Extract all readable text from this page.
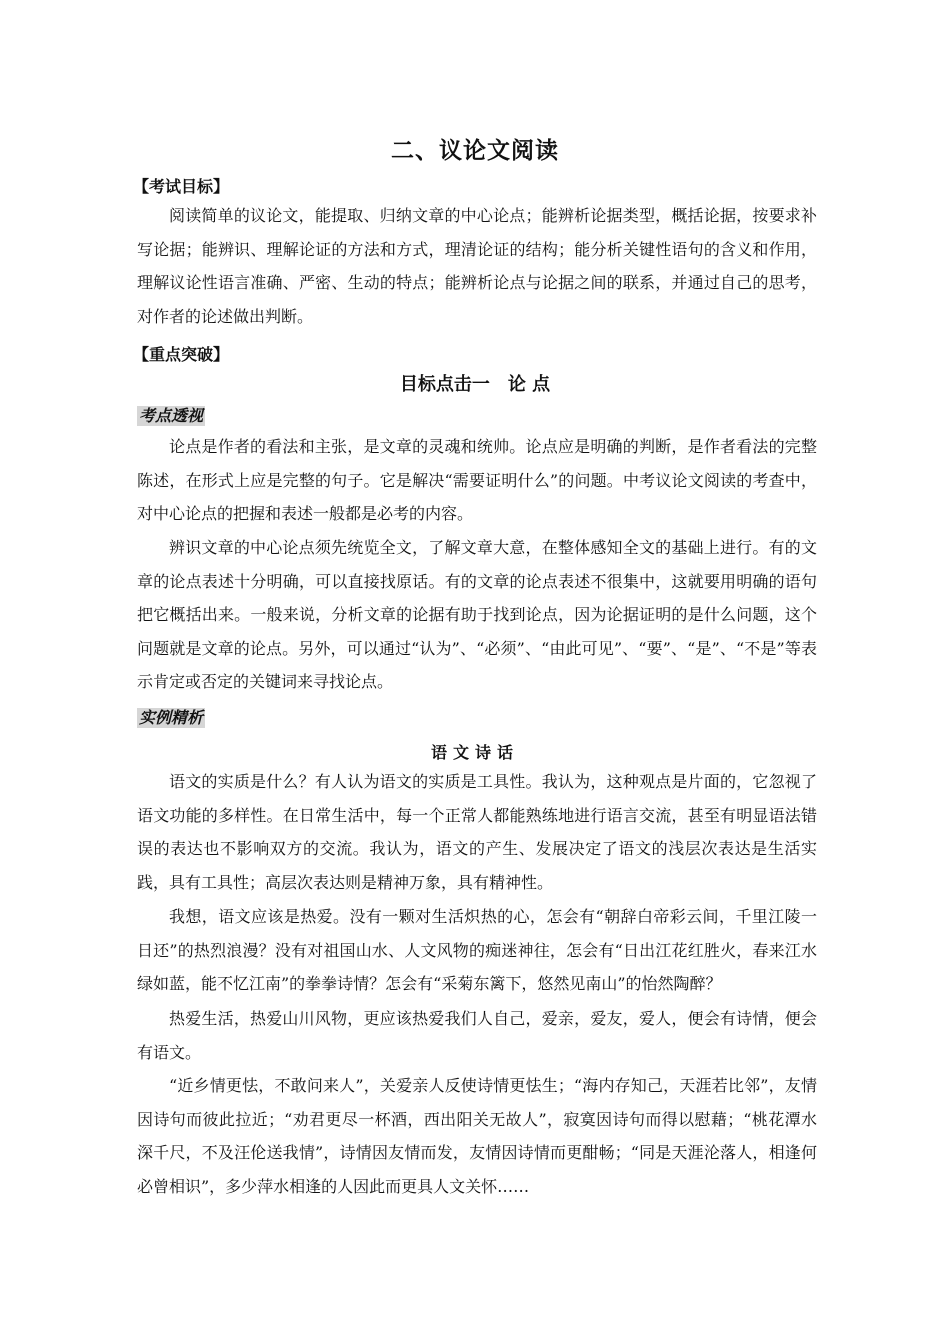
二、议论文阅读
【考试目标】

阅读简单的议论文，能提取、归纳文章的中心论点；能辨析论据类型，概括论据，按要求补写论据；能辨识、理解论证的方法和方式，理清论证的结构；能分析关键性语句的含义和作用，理解议论性语言准确、严密、生动的特点；能辨析论点与论据之间的联系，并通过自己的思考，对作者的论述做出判断。

【重点突破】
目标点击一　论 点
考点透视

论点是作者的看法和主张，是文章的灵魂和统帅。论点应是明确的判断，是作者看法的完整陈述，在形式上应是完整的句子。它是解决“需要证明什么”的问题。中考议论文阅读的考查中，对中心论点的把握和表述一般都是必考的内容。

辨识文章的中心论点须先统览全文，了解文章大意，在整体感知全文的基础上进行。有的文章的论点表述十分明确，可以直接找原话。有的文章的论点表述不很集中，这就要用明确的语句把它概括出来。一般来说，分析文章的论据有助于找到论点，因为论据证明的是什么问题，这个问题就是文章的论点。另外，可以通过“认为”、“必须”、“由此可见”、“要”、“是”、“不是”等表示肯定或否定的关键词来寻找论点。

实例精析
语文诗话

语文的实质是什么？有人认为语文的实质是工具性。我认为，这种观点是片面的，它忽视了语文功能的多样性。在日常生活中，每一个正常人都能熟练地进行语言交流，甚至有明显语法错误的表达也不影响双方的交流。我认为，语文的产生、发展决定了语文的浅层次表达是生活实践，具有工具性；高层次表达则是精神万象，具有精神性。

我想，语文应该是热爱。没有一颗对生活炽热的心，怎会有“朝辞白帝彩云间，千里江陵一日还”的热烈浪漫？没有对祖国山水、人文风物的痴迷神往，怎会有“日出江花红胜火，春来江水绿如蓝，能不忆江南”的拳拳诗情？怎会有“采菊东篱下，悠然见南山”的怡然陶醉？

热爱生活，热爱山川风物，更应该热爱我们人自己，爱亲，爱友，爱人，便会有诗情，便会有语文。

“近乡情更怯，不敢问来人”，关爱亲人反使诗情更怯生；“海内存知己，天涯若比邻”，友情因诗句而彼此拉近；“劝君更尽一杯酒，西出阳关无故人”，寂寞因诗句而得以慰藉；“桃花潭水深千尺，不及汪伦送我情”，诗情因友情而发，友情因诗情而更酣畅；“同是天涯沦落人，相逢何必曾相识”，多少萍水相逢的人因此而更具人文关怀……
